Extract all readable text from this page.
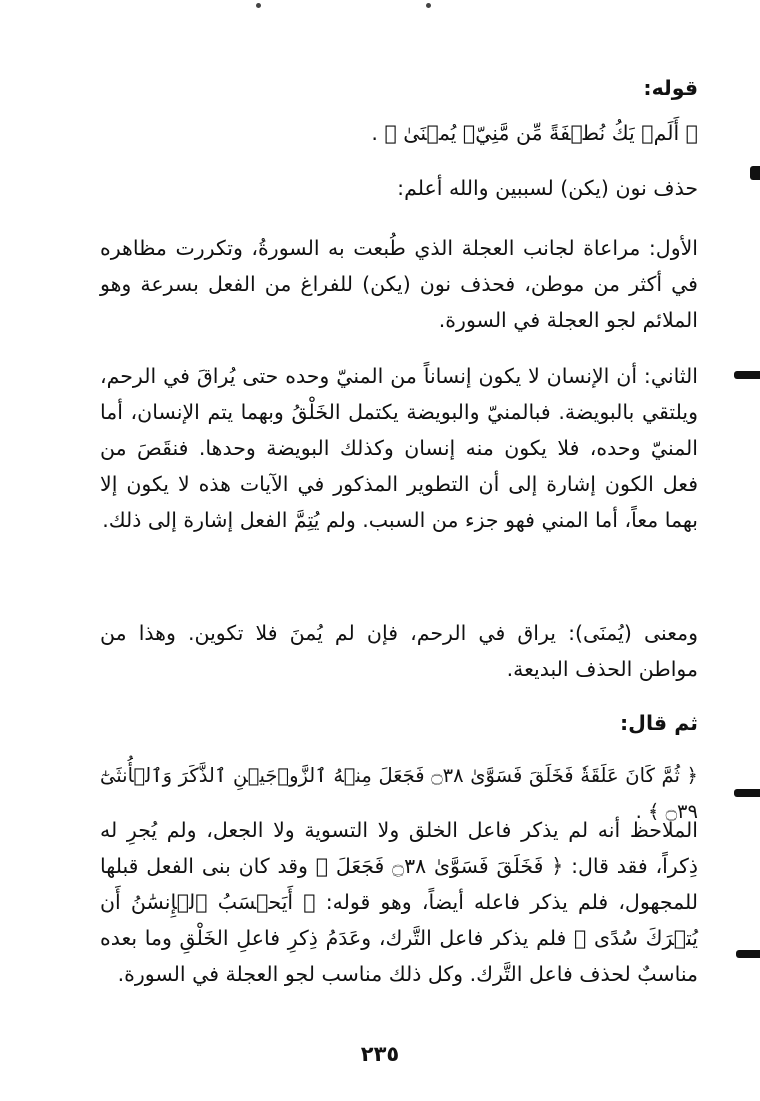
قوله:

﴿ أَلَمۡ يَكُ نُطۡفَةً مِّن مَّنِيّٖ يُمۡنَىٰ ﴾ .

حذف نون (يكن) لسببين والله أعلم:

الأول: مراعاة لجانب العجلة الذي طُبعت به السورةُ، وتكررت مظاهره في أكثر من موطن، فحذف نون (يكن) للفراغ من الفعل بسرعة وهو الملائم لجو العجلة في السورة.

الثاني: أن الإنسان لا يكون إنساناً من المنيّ وحده حتى يُراقَ في الرحم، ويلتقي بالبويضة. فبالمنيّ والبويضة يكتمل الخَلْقُ وبهما يتم الإنسان، أما المنيّ وحده، فلا يكون منه إنسان وكذلك البويضة وحدها. فنقَصَ من فعل الكون إشارة إلى أن التطوير المذكور في الآيات هذه لا يكون إلا بهما معاً، أما المني فهو جزء من السبب. ولم يُتِمَّ الفعل إشارة إلى ذلك.

ومعنى (يُمنَى): يراق في الرحم، فإن لم يُمنَ فلا تكوين. وهذا من مواطن الحذف البديعة.

ثم قال:

﴿ ثُمَّ كَانَ عَلَقَةٗ فَخَلَقَ فَسَوَّىٰ ۝٣٨ فَجَعَلَ مِنۡهُ ٱلزَّوۡجَيۡنِ ٱلذَّكَرَ وَٱلۡأُنثَىٰٓ ۝٣٩ ﴾ .

الملاحظ أنه لم يذكر فاعل الخلق ولا التسوية ولا الجعل، ولم يُجرِ له ذِكراً، فقد قال: ﴿ فَخَلَقَ فَسَوَّىٰ ۝٣٨ فَجَعَلَ ﴾ وقد كان بنى الفعل قبلها للمجهول، فلم يذكر فاعله أيضاً، وهو قوله: ﴿ أَيَحۡسَبُ ٱلۡإِنسَٰنُ أَن يُتۡرَكَ سُدًى ﴾ فلم يذكر فاعل التَّرك، وعَدَمُ ذِكرِ فاعلِ الخَلْقِ وما بعده مناسبٌ لحذف فاعل التَّرك. وكل ذلك مناسب لجو العجلة في السورة.

٢٣٥
